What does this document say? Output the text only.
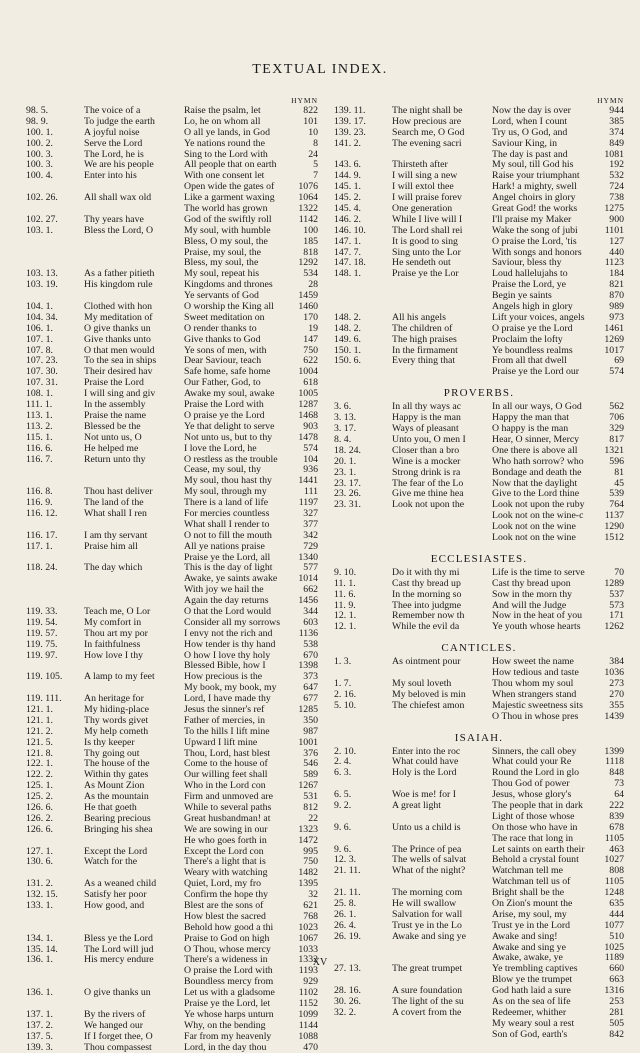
TEXTUAL INDEX.
HYMN
98. 5.	The voice of a	Raise the psalm, let	822
98. 9.	To judge the earth	Lo, he on whom all	101
100. 1.	A joyful noise	O all ye lands, in God	10
100. 2.	Serve the Lord	Ye nations round the	8
100. 3.	The Lord, he is	Sing to the Lord with	24
100. 3.	We are his people	All people that on earth	5
100. 4.	Enter into his	With one consent let	7
Open wide the gates of	1076
102. 26.	All shall wax old	Like a garment waxing	1064
The world has grown	1322
102. 27.	Thy years have	God of the swiftly roll	1142
103. 1.	Bless the Lord, O	My soul, with humble	100
Bless, O my soul, the	185
Praise, my soul, the	818
Bless, my soul, the	1292
103. 13.	As a father pitieth	My soul, repeat his	534
103. 19.	His kingdom rule	Kingdoms and thrones	28
Ye servants of God	1459
104. 1.	Clothed with hon	O worship the King all	1460
104. 34.	My meditation of	Sweet meditation on	170
106. 1.	O give thanks un	O render thanks to	19
107. 1.	Give thanks unto	Give thanks to God	147
107. 8.	O that men would	Ye sons of men, with	750
107. 23.	To the sea in ships	Dear Saviour, teach	622
107. 30.	Their desired hav	Safe home, safe home	1004
107. 31.	Praise the Lord	Our Father, God, to	618
108. 1.	I will sing and giv	Awake my soul, awake	1005
111. 1.	In the assembly	Praise the Lord with	1287
113. 1.	Praise the name	O praise ye the Lord	1468
113. 2.	Blessed be the	Ye that delight to serve	903
115. 1.	Not unto us, O	Not unto us, but to thy	1478
116. 6.	He helped me	I love the Lord, he	574
116. 7.	Return unto thy	O restless as the trouble	104
Cease, my soul, thy	936
My soul, thou hast thy	1441
116. 8.	Thou hast deliver	My soul, through my	111
116. 9.	The land of the	There is a land of life	1197
116. 12.	What shall I ren	For mercies countless	327
What shall I render to	377
116. 17.	I am thy servant	O not to fill the mouth	342
117. 1.	Praise him all	All ye nations praise	729
Praise ye the Lord, all	1340
118. 24.	The day which	This is the day of light	577
Awake, ye saints awake	1014
With joy we hail the	662
Again the day returns	1456
119. 33.	Teach me, O Lor	O that the Lord would	344
119. 54.	My comfort in	Consider all my sorrows	603
119. 57.	Thou art my por	I envy not the rich and	1136
119. 75.	In faithfulness	How tender is thy hand	538
119. 97.	How love I thy	O how I love thy holy	670
Blessed Bible, how I	1398
119. 105.	A lamp to my feet	How precious is the	373
My book, my book, my	647
119. 111.	An heritage for	Lord, I have made thy	677
121. 1.	My hiding-place	Jesus the sinner's ref	1285
121. 1.	Thy words givet	Father of mercies, in	350
121. 2.	My help cometh	To the hills I lift mine	987
121. 5.	Is thy keeper	Upward I lift mine	1001
121. 8.	Thy going out	Thou, Lord, hast blest	376
122. 1.	The house of the	Come to the house of	546
122. 2.	Within thy gates	Our willing feet shall	589
125. 1.	As Mount Zion	Who in the Lord con	1267
125. 2.	As the mountain	Firm and unmoved are	531
126. 6.	He that goeth	While to several paths	812
126. 2.	Bearing precious	Great husbandman! at	22
126. 6.	Bringing his shea	We are sowing in our	1323
He who goes forth in	1472
127. 1.	Except the Lord	Except the Lord con	995
130. 6.	Watch for the	There's a light that is	750
Weary with watching	1482
131. 2.	As a weaned child	Quiet, Lord, my fro	1395
132. 15.	Satisfy her poor	Confirm the hope thy	32
133. 1.	How good, and	Blest are the sons of	621
How blest the sacred	768
Behold how good a thi	1023
134. 1.	Bless ye the Lord	Praise to God on high	1067
135. 14.	The Lord will jud	O Thou, whose mercy	1033
136. 1.	His mercy endure	There's a wideness in	1332
O praise the Lord with	1193
Boundless mercy from	929
136. 1.	O give thanks un	Let us with a gladsome	1102
Praise ye the Lord, let	1152
137. 1.	By the rivers of	Ye whose harps unturn	1099
137. 2.	We hanged our	Why, on the bending	1144
137. 5.	If I forget thee, O	Far from my heavenly	1088
139. 3.	Thou compassest	Lord, in the day thou	470
HYMN
139. 11.	The night shall be	Now the day is over	944
139. 17.	How precious are	Lord, when I count	385
139. 23.	Search me, O God	Try us, O God, and	374
141. 2.	The evening sacri	Saviour King, in	849
The day is past and	1081
143. 6.	Thirsteth after	My soul, till God his	192
144. 9.	I will sing a new	Raise your triumphant	532
145. 1.	I will extol thee	Hark! a mighty, swell	724
145. 2.	I will praise forev	Angel choirs in glory	738
145. 4.	One generation	Great God! the works	1275
146. 2.	While I live will I	I'll praise my Maker	900
146. 10.	The Lord shall rei	Wake the song of jubi	1101
147. 1.	It is good to sing	O praise the Lord, 'tis	127
147. 7.	Sing unto the Lor	With songs and honors	440
147. 18.	He sendeth out	Saviour, bless thy	1123
148. 1.	Praise ye the Lor	Loud hallelujahs to	184
Praise the Lord, ye	821
Begin ye saints	870
Angels high in glory	989
148. 2.	All his angels	Lift your voices, angels	973
148. 2.	The children of	O praise ye the Lord	1461
149. 6.	The high praises	Proclaim the lofty	1269
150. 1.	In the firmament	Ye boundless realms	1017
150. 6.	Every thing that	From all that dwell	69
Praise ye the Lord our	574
PROVERBS.
3. 6.	In all thy ways ac	In all our ways, O God	562
3. 13.	Happy is the man	Happy the man that	706
3. 17.	Ways of pleasant	O happy is the man	329
8. 4.	Unto you, O men I	Hear, O sinner, Mercy	817
18. 24.	Closer than a bro	One there is above all	1321
20. 1.	Wine is a mocker	Who hath sorrow? who	596
23. 1.	Strong drink is ra	Bondage and death the	81
23. 17.	The fear of the Lo	Now that the daylight	45
23. 26.	Give me thine hea	Give to the Lord thine	539
23. 31.	Look not upon the	Look not upon the ruby	764
Look not on the wine-c	1137
Look not on the wine	1290
Look not on the wine	1512
ECCLESIASTES.
9. 10.	Do it with thy mi	Life is the time to serve	70
11. 1.	Cast thy bread up	Cast thy bread upon	1289
11. 6.	In the morning so	Sow in the morn thy	537
11. 9.	Thee into judgme	And will the Judge	573
12. 1.	Remember now th	Now in the heat of you	171
12. 1.	While the evil da	Ye youth whose hearts	1262
CANTICLES.
1. 3.	As ointment pour	How sweet the name	384
How tedious and taste	1036
1. 7.	My soul loveth	Thou whom my soul	273
2. 16.	My beloved is min	When strangers stand	270
5. 10.	The chiefest amon	Majestic sweetness sits	355
O Thou in whose pres	1439
ISAIAH.
2. 10.	Enter into the roc	Sinners, the call obey	1399
2. 4.	What could have	What could your Re	1118
6. 3.	Holy is the Lord	Round the Lord in glo	848
Thou God of power	73
6. 5.	Woe is me! for I	Jesus, whose glory's	64
9. 2.	A great light	The people that in dark	222
Light of those whose	839
9. 6.	Unto us a child is	On those who have in	678
The race that long in	1105
9. 6.	The Prince of pea	Let saints on earth their	463
12. 3.	The wells of salvat	Behold a crystal fount	1027
21. 11.	What of the night?	Watchman tell me	808
Watchman tell us of	1105
21. 11.	The morning com	Bright shall be the	1248
25. 8.	He will swallow	On Zion's mount the	635
26. 1.	Salvation for wall	Arise, my soul, my	444
26. 4.	Trust ye in the Lo	Trust ye in the Lord	1077
26. 19.	Awake and sing ye	Awake and sing!	510
Awake and sing ye	1025
Awake, awake, ye	1189
27. 13.	The great trumpet	Ye trembling captives	660
Blow ye the trumpet	663
28. 16.	A sure foundation	God hath laid a sure	1316
30. 26.	The light of the su	As on the sea of life	253
32. 2.	A covert from the	Redeemer, whither	281
My weary soul a rest	505
Son of God, earth's	842
XV
